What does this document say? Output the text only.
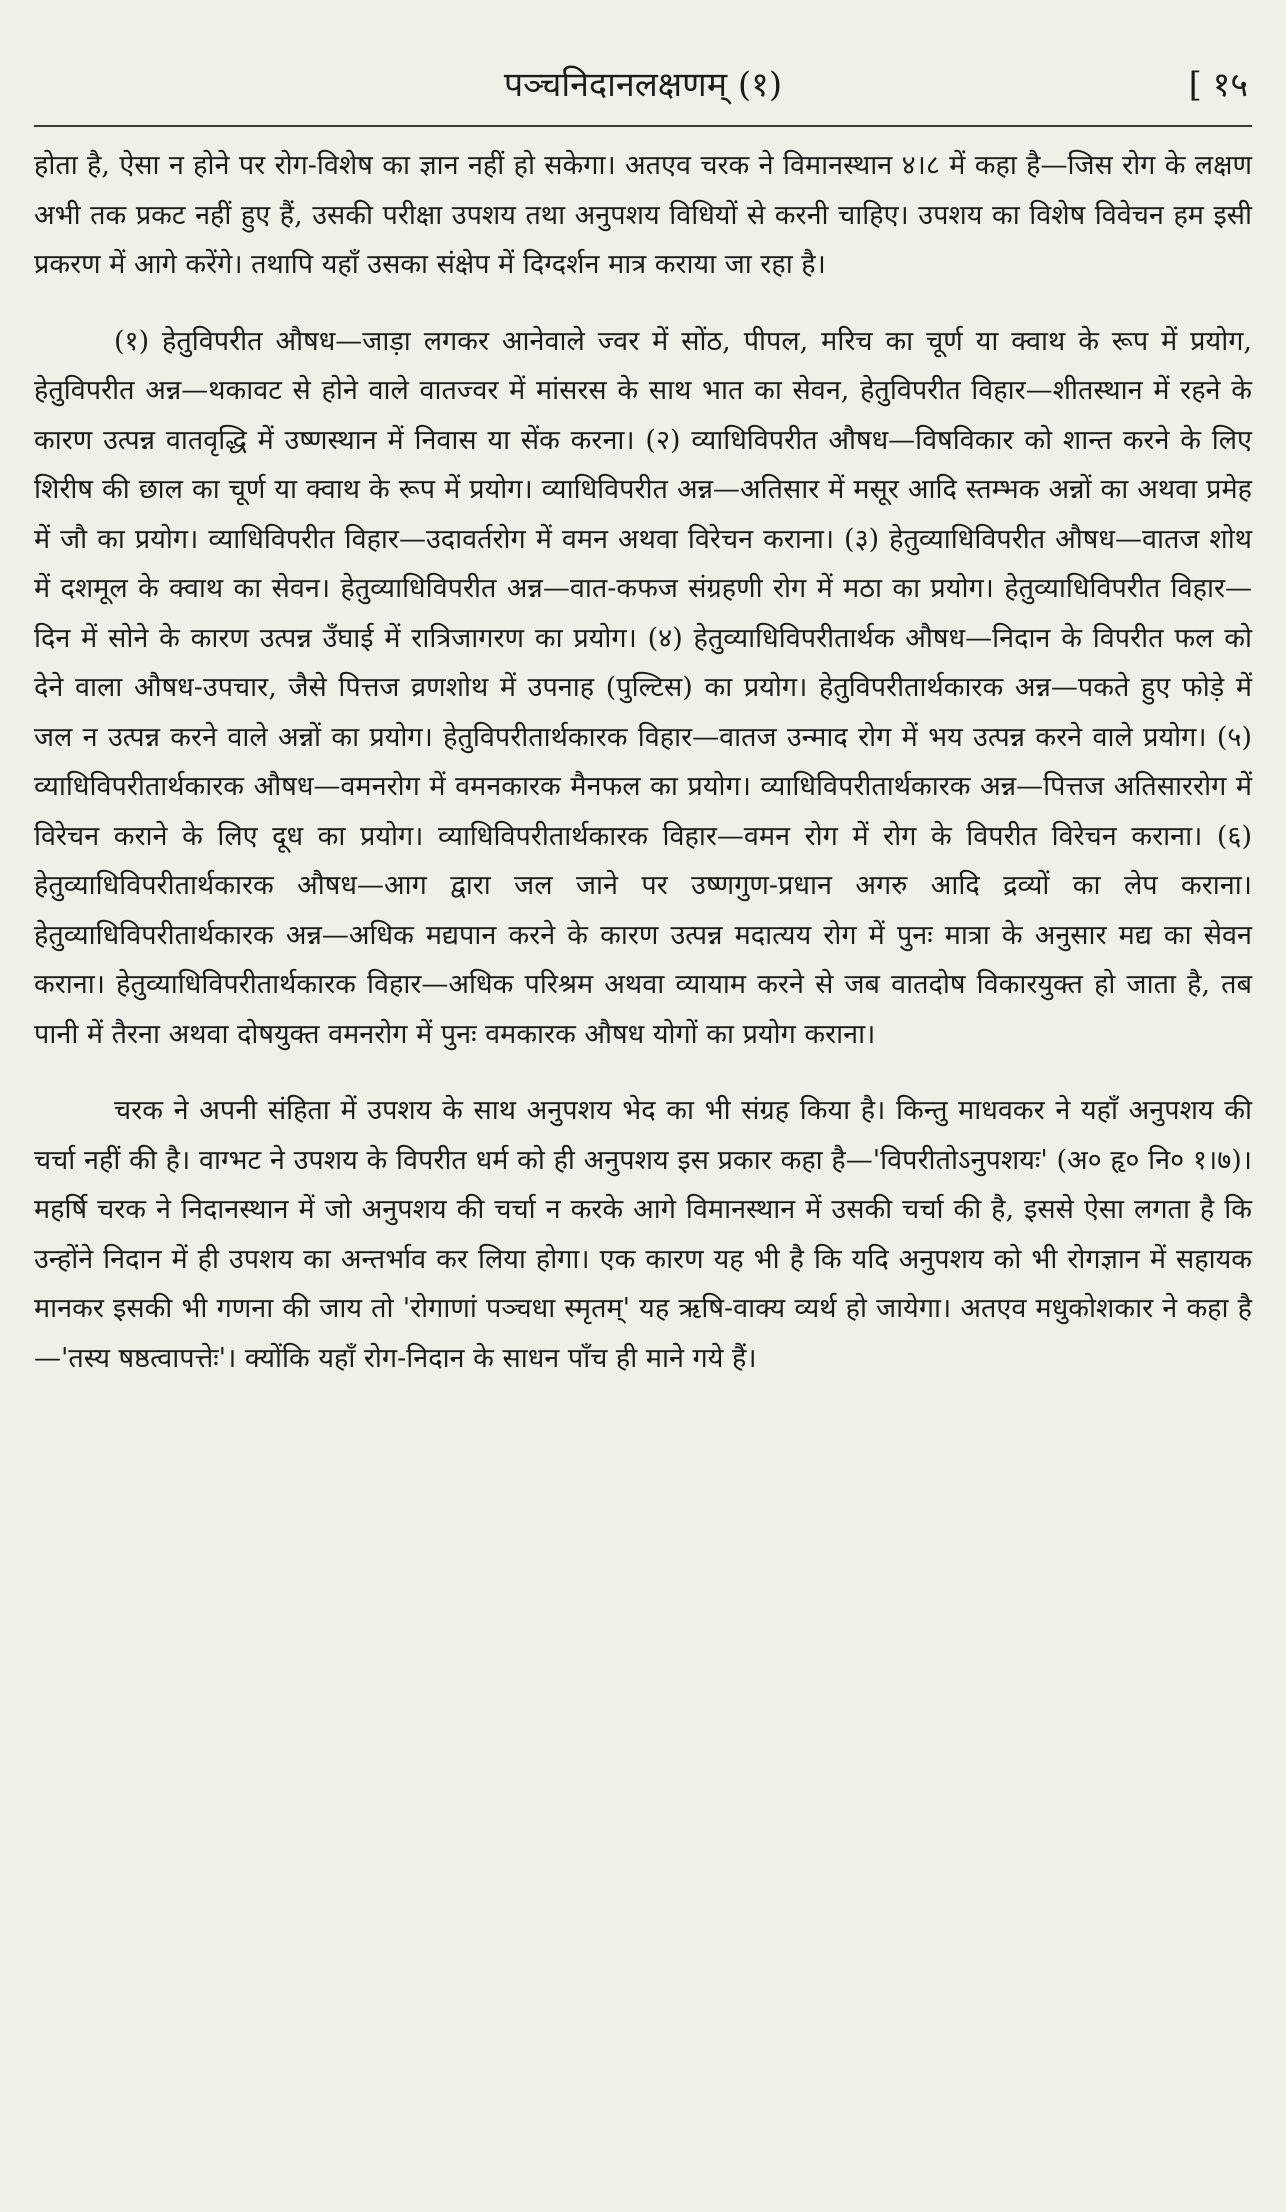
पञ्चनिदानलक्षणम् (१)	[ १५

होता है, ऐसा न होने पर रोग-विशेष का ज्ञान नहीं हो सकेगा। अतएव चरक ने विमानस्थान ४।८ में कहा है—जिस रोग के लक्षण अभी तक प्रकट नहीं हुए हैं, उसकी परीक्षा उपशय तथा अनुपशय विधियों से करनी चाहिए। उपशय का विशेष विवेचन हम इसी प्रकरण में आगे करेंगे। तथापि यहाँ उसका संक्षेप में दिग्दर्शन मात्र कराया जा रहा है।

(१) हेतुविपरीत औषध—जाड़ा लगकर आनेवाले ज्वर में सोंठ, पीपल, मरिच का चूर्ण या क्वाथ के रूप में प्रयोग, हेतुविपरीत अन्न—थकावट से होने वाले वातज्वर में मांसरस के साथ भात का सेवन, हेतुविपरीत विहार—शीतस्थान में रहने के कारण उत्पन्न वातवृद्धि में उष्णस्थान में निवास या सेंक करना। (२) व्याधिविपरीत औषध—विषविकार को शान्त करने के लिए शिरीष की छाल का चूर्ण या क्वाथ के रूप में प्रयोग। व्याधिविपरीत अन्न—अतिसार में मसूर आदि स्तम्भक अन्नों का अथवा प्रमेह में जौ का प्रयोग। व्याधिविपरीत विहार—उदावर्तरोग में वमन अथवा विरेचन कराना। (३) हेतुव्याधिविपरीत औषध—वातज शोथ में दशमूल के क्वाथ का सेवन। हेतुव्याधिविपरीत अन्न—वात-कफज संग्रहणी रोग में मठा का प्रयोग। हेतुव्याधिविपरीत विहार—दिन में सोने के कारण उत्पन्न उँघाई में रात्रिजागरण का प्रयोग। (४) हेतुव्याधिविपरीतार्थक औषध—निदान के विपरीत फल को देने वाला औषध-उपचार, जैसे पित्तज व्रणशोथ में उपनाह (पुल्टिस) का प्रयोग। हेतुविपरीतार्थकारक अन्न—पकते हुए फोड़े में जल न उत्पन्न करने वाले अन्नों का प्रयोग। हेतुविपरीतार्थकारक विहार—वातज उन्माद रोग में भय उत्पन्न करने वाले प्रयोग। (५) व्याधिविपरीतार्थकारक औषध—वमनरोग में वमनकारक मैनफल का प्रयोग। व्याधिविपरीतार्थकारक अन्न—पित्तज अतिसाररोग में विरेचन कराने के लिए दूध का प्रयोग। व्याधिविपरीतार्थकारक विहार—वमन रोग में रोग के विपरीत विरेचन कराना। (६) हेतुव्याधिविपरीतार्थकारक औषध—आग द्वारा जल जाने पर उष्णगुण-प्रधान अगरु आदि द्रव्यों का लेप कराना। हेतुव्याधिविपरीतार्थकारक अन्न—अधिक मद्यपान करने के कारण उत्पन्न मदात्यय रोग में पुनः मात्रा के अनुसार मद्य का सेवन कराना। हेतुव्याधिविपरीतार्थकारक विहार—अधिक परिश्रम अथवा व्यायाम करने से जब वातदोष विकारयुक्त हो जाता है, तब पानी में तैरना अथवा दोषयुक्त वमनरोग में पुनः वमकारक औषध योगों का प्रयोग कराना।

चरक ने अपनी संहिता में उपशय के साथ अनुपशय भेद का भी संग्रह किया है। किन्तु माधवकर ने यहाँ अनुपशय की चर्चा नहीं की है। वाग्भट ने उपशय के विपरीत धर्म को ही अनुपशय इस प्रकार कहा है—'विपरीतोऽनुपशयः' (अ० हृ० नि० १।७)। महर्षि चरक ने निदानस्थान में जो अनुपशय की चर्चा न करके आगे विमानस्थान में उसकी चर्चा की है, इससे ऐसा लगता है कि उन्होंने निदान में ही उपशय का अन्तर्भाव कर लिया होगा। एक कारण यह भी है कि यदि अनुपशय को भी रोगज्ञान में सहायक मानकर इसकी भी गणना की जाय तो 'रोगाणां पञ्चधा स्मृतम्' यह ऋषि-वाक्य व्यर्थ हो जायेगा। अतएव मधुकोशकार ने कहा है—'तस्य षष्ठत्वापत्तेः'। क्योंकि यहाँ रोग-निदान के साधन पाँच ही माने गये हैं।
